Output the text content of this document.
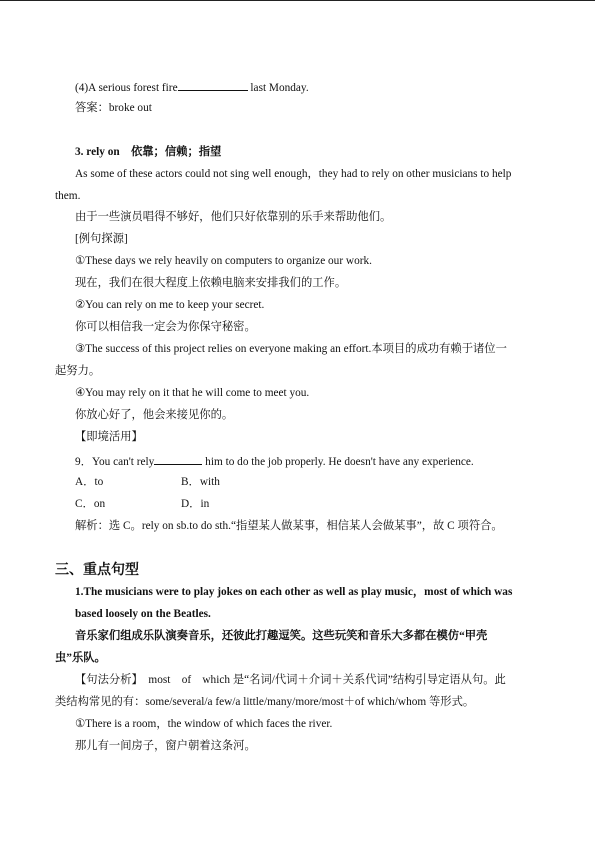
(4)A serious forest fire	last Monday.
答案：broke out
3. rely on　依靠；信赖；指望
As some of these actors could not sing well enough，they had to rely on other musicians to help
them.
由于一些演员唱得不够好，他们只好依靠别的乐手来帮助他们。
[例句探源]
①These days we rely heavily on computers to organize our work.
现在，我们在很大程度上依赖电脑来安排我们的工作。
②You can rely on me to keep your secret.
你可以相信我一定会为你保守秘密。
③The success of this project relies on everyone making an effort.本项目的成功有赖于诸位一
起努力。
④You may rely on it that he will come to meet you.
你放心好了，他会来接见你的。
【即境活用】
9．You can't rely	him to do the job properly. He doesn't have any experience.
A．to	B．with
C．on	D．in
解析：选 C。rely on sb.to do sth.“指望某人做某事，相信某人会做某事”，故 C 项符合。
三、重点句型
1.The musicians were to play jokes on each other as well as play music，most of which was
based loosely on the Beatles.
音乐家们组成乐队演奏音乐，还彼此打趣逗笑。这些玩笑和音乐大多都在模仿“甲壳
虫”乐队。
【句法分析】　most　of　which 是“名词/代词＋介词＋关系代词”结构引导定语从句。此
类结构常见的有：some/several/a few/a little/many/more/most＋of which/whom 等形式。
①There is a room，the window of which faces the river.
那儿有一间房子，窗户朝着这条河。
